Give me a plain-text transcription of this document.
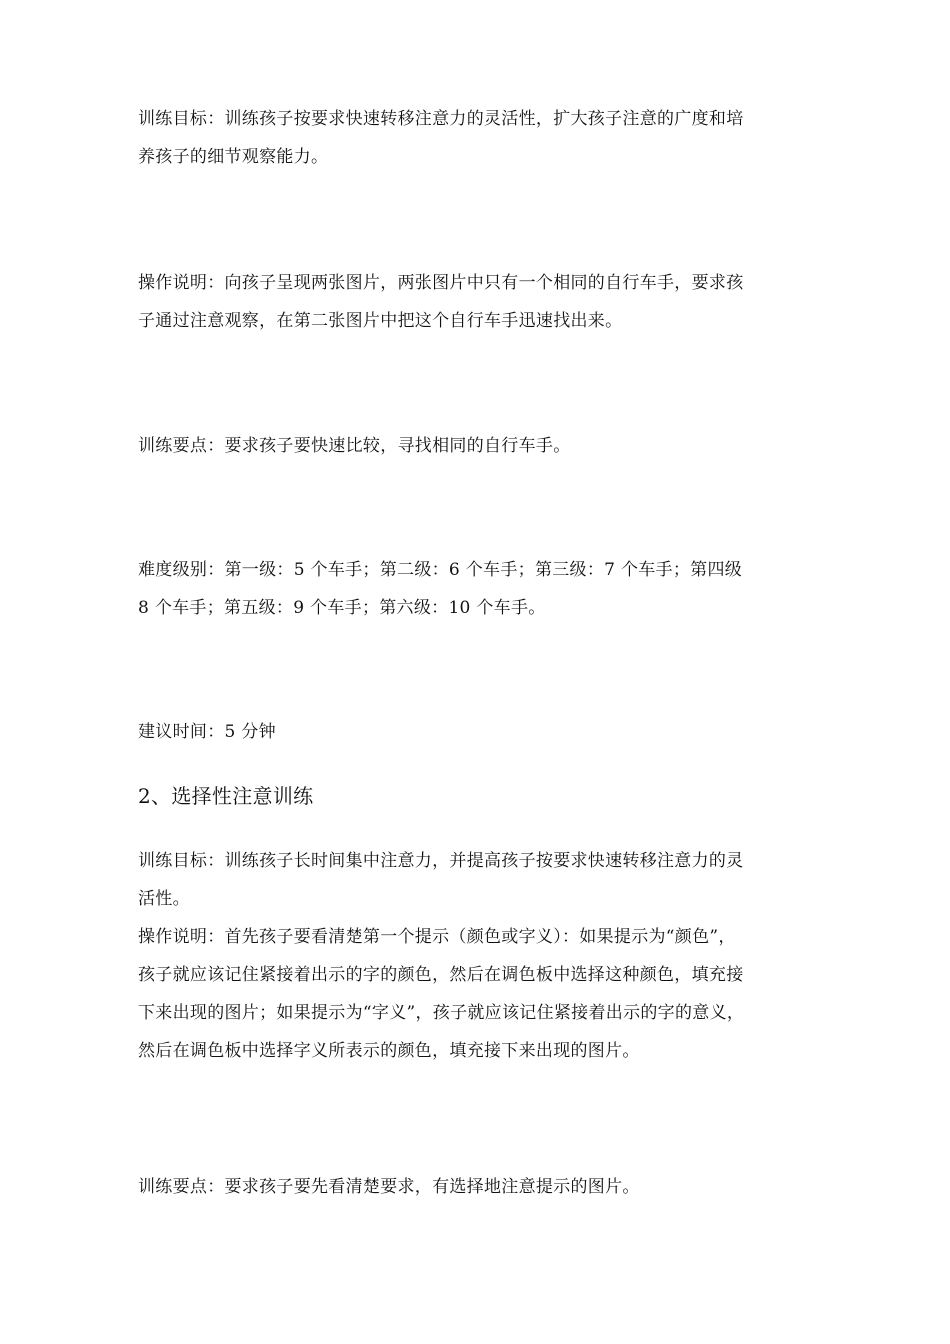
训练目标：训练孩子按要求快速转移注意力的灵活性，扩大孩子注意的广度和培
养孩子的细节观察能力。
操作说明：向孩子呈现两张图片，两张图片中只有一个相同的自行车手，要求孩
子通过注意观察，在第二张图片中把这个自行车手迅速找出来。
训练要点：要求孩子要快速比较，寻找相同的自行车手。
难度级别：第一级：5 个车手；第二级：6 个车手；第三级：7 个车手；第四级
8 个车手；第五级：9 个车手；第六级：10 个车手。
建议时间：5 分钟
2、选择性注意训练
训练目标：训练孩子长时间集中注意力，并提高孩子按要求快速转移注意力的灵
活性。
操作说明：首先孩子要看清楚第一个提示（颜色或字义）：如果提示为“颜色”，
孩子就应该记住紧接着出示的字的颜色，然后在调色板中选择这种颜色，填充接
下来出现的图片；如果提示为“字义”，孩子就应该记住紧接着出示的字的意义，
然后在调色板中选择字义所表示的颜色，填充接下来出现的图片。
训练要点：要求孩子要先看清楚要求，有选择地注意提示的图片。
